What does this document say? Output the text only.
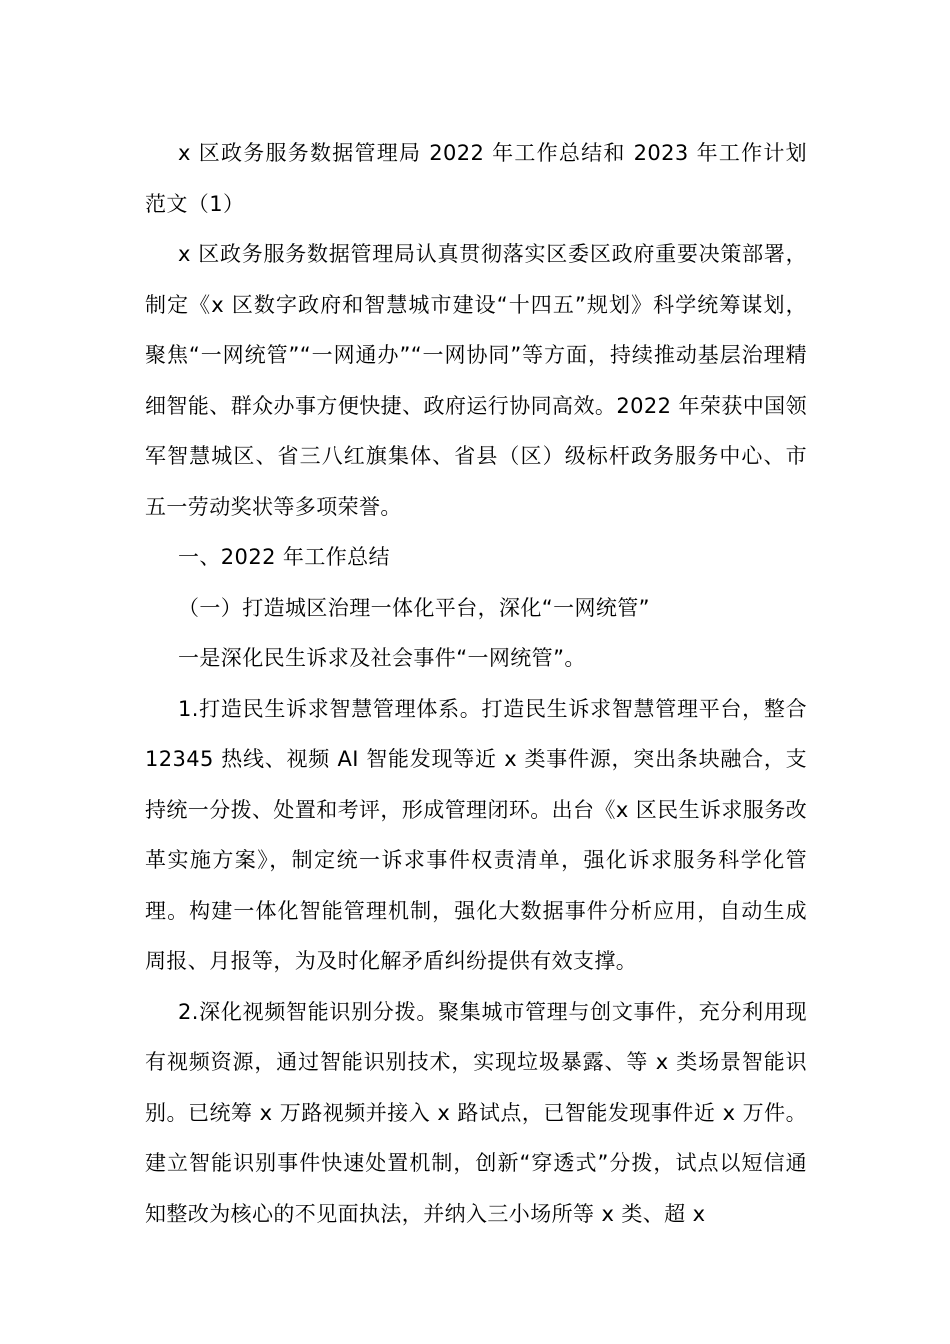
x 区政务服务数据管理局 2022 年工作总结和 2023 年工作计划范文（1）

x 区政务服务数据管理局认真贯彻落实区委区政府重要决策部署，制定《x 区数字政府和智慧城市建设“十四五”规划》科学统筹谋划，聚焦“一网统管”“一网通办”“一网协同”等方面，持续推动基层治理精细智能、群众办事方便快捷、政府运行协同高效。2022 年荣获中国领军智慧城区、省三八红旗集体、省县（区）级标杆政务服务中心、市五一劳动奖状等多项荣誉。

一、2022 年工作总结

（一）打造城区治理一体化平台，深化“一网统管”

一是深化民生诉求及社会事件“一网统管”。

1.打造民生诉求智慧管理体系。打造民生诉求智慧管理平台，整合 12345 热线、视频 AI 智能发现等近 x 类事件源，突出条块融合，支持统一分拨、处置和考评，形成管理闭环。出台《x 区民生诉求服务改革实施方案》，制定统一诉求事件权责清单，强化诉求服务科学化管理。构建一体化智能管理机制，强化大数据事件分析应用，自动生成周报、月报等，为及时化解矛盾纠纷提供有效支撑。

2.深化视频智能识别分拨。聚集城市管理与创文事件，充分利用现有视频资源，通过智能识别技术，实现垃圾暴露、等 x 类场景智能识别。已统筹 x 万路视频并接入 x 路试点，已智能发现事件近 x 万件。建立智能识别事件快速处置机制，创新“穿透式”分拨，试点以短信通知整改为核心的不见面执法，并纳入三小场所等 x 类、超 x
